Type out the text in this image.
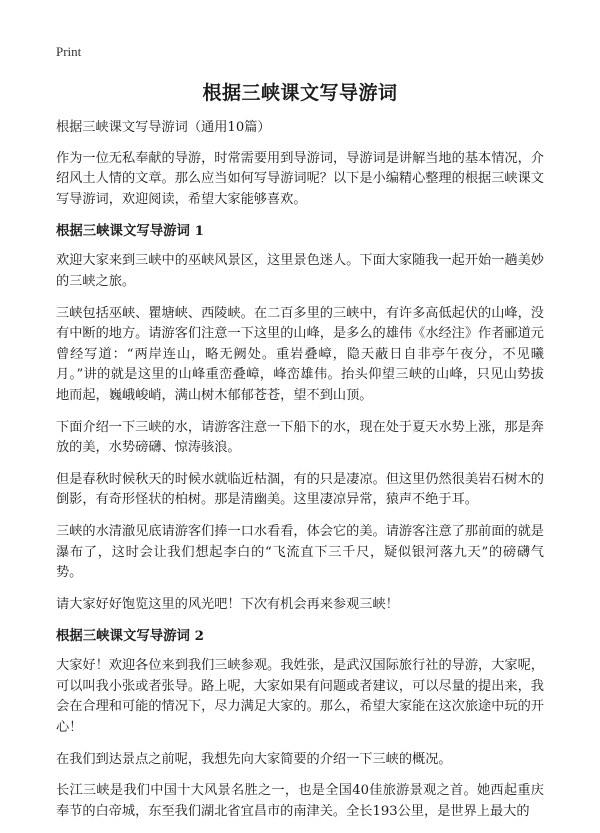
Print
根据三峡课文写导游词

根据三峡课文写导游词（通用10篇）

作为一位无私奉献的导游，时常需要用到导游词，导游词是讲解当地的基本情况，介绍风土人情的文章。那么应当如何写导游词呢？以下是小编精心整理的根据三峡课文写导游词，欢迎阅读，希望大家能够喜欢。

根据三峡课文写导游词 1

欢迎大家来到三峡中的巫峡风景区，这里景色迷人。下面大家随我一起开始一趟美妙的三峡之旅。

三峡包括巫峡、瞿塘峡、西陵峡。在二百多里的三峡中，有许多高低起伏的山峰，没有中断的地方。请游客们注意一下这里的山峰，是多么的雄伟《水经注》作者郦道元曾经写道：“两岸连山，略无阙处。重岩叠嶂，隐天蔽日自非亭午夜分，不见曦月。”讲的就是这里的山峰重峦叠嶂，峰峦雄伟。抬头仰望三峡的山峰，只见山势拔地而起，巍峨峻峭，满山树木郁郁苍苍，望不到山顶。

下面介绍一下三峡的水，请游客注意一下船下的水，现在处于夏天水势上涨，那是奔放的美，水势磅礴、惊涛骇浪。

但是春秋时候秋天的时候水就临近枯涸，有的只是凄凉。但这里仍然很美岩石树木的倒影，有奇形怪状的柏树。那是清幽美。这里凄凉异常，猿声不绝于耳。

三峡的水清澈见底请游客们捧一口水看看，体会它的美。请游客注意了那前面的就是瀑布了，这时会让我们想起李白的“飞流直下三千尺，疑似银河落九天”的磅礴气势。

请大家好好饱览这里的风光吧！下次有机会再来参观三峡！

根据三峡课文写导游词 2

大家好！欢迎各位来到我们三峡参观。我姓张，是武汉国际旅行社的导游，大家呢，可以叫我小张或者张导。路上呢，大家如果有问题或者建议，可以尽量的提出来，我会在合理和可能的情况下，尽力满足大家的。那么，希望大家能在这次旅途中玩的开心！

在我们到达景点之前呢，我想先向大家简要的介绍一下三峡的概况。

长江三峡是我们中国十大风景名胜之一，也是全国40佳旅游景观之首。她西起重庆奉节的白帝城，东至我们湖北省宜昌市的南津关。全长193公里，是世界上最大的
